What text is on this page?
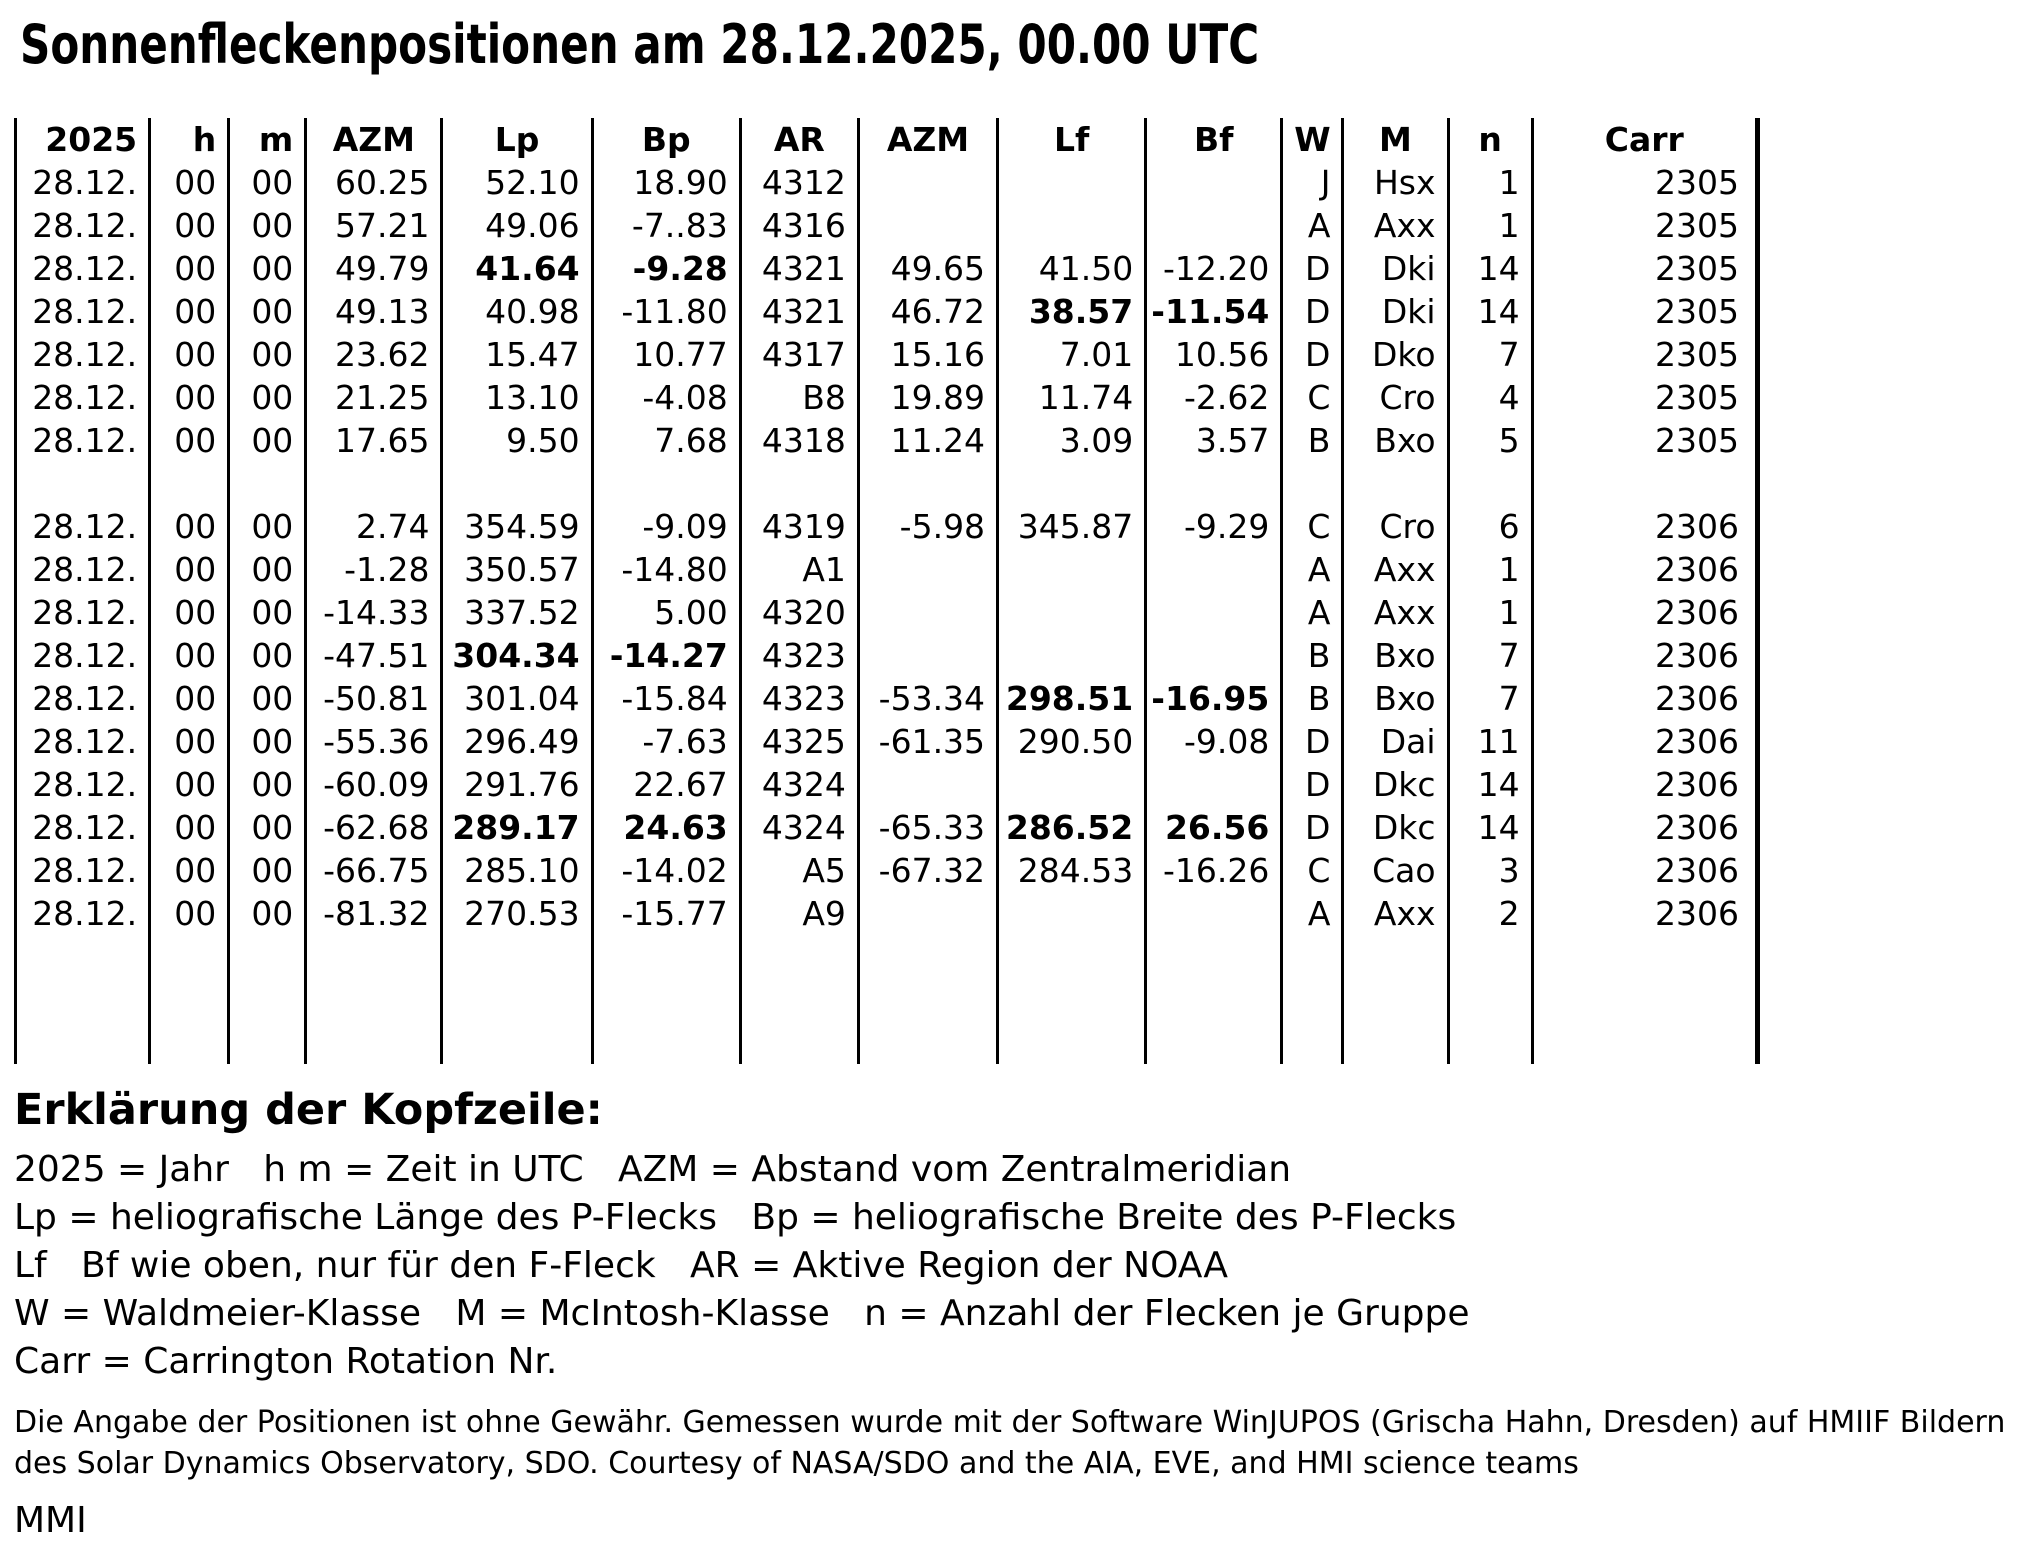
Sonnenfleckenpositionen am 28.12.2025, 00.00 UTC
2025	h	m	AZM	Lp	Bp	AR	AZM	Lf	Bf	W	M	n	Carr
28.12.	00	00	60.25	52.10	18.90	4312				J	Hsx	1	2305
28.12.	00	00	57.21	49.06	-7..83	4316				A	Axx	1	2305
28.12.	00	00	49.79	41.64	-9.28	4321	49.65	41.50	-12.20	D	Dki	14	2305
28.12.	00	00	49.13	40.98	-11.80	4321	46.72	38.57	-11.54	D	Dki	14	2305
28.12.	00	00	23.62	15.47	10.77	4317	15.16	7.01	10.56	D	Dko	7	2305
28.12.	00	00	21.25	13.10	-4.08	B8	19.89	11.74	-2.62	C	Cro	4	2305
28.12.	00	00	17.65	9.50	7.68	4318	11.24	3.09	3.57	B	Bxo	5	2305

28.12.	00	00	2.74	354.59	-9.09	4319	-5.98	345.87	-9.29	C	Cro	6	2306
28.12.	00	00	-1.28	350.57	-14.80	A1				A	Axx	1	2306
28.12.	00	00	-14.33	337.52	5.00	4320				A	Axx	1	2306
28.12.	00	00	-47.51	304.34	-14.27	4323				B	Bxo	7	2306
28.12.	00	00	-50.81	301.04	-15.84	4323	-53.34	298.51	-16.95	B	Bxo	7	2306
28.12.	00	00	-55.36	296.49	-7.63	4325	-61.35	290.50	-9.08	D	Dai	11	2306
28.12.	00	00	-60.09	291.76	22.67	4324				D	Dkc	14	2306
28.12.	00	00	-62.68	289.17	24.63	4324	-65.33	286.52	26.56	D	Dkc	14	2306
28.12.	00	00	-66.75	285.10	-14.02	A5	-67.32	284.53	-16.26	C	Cao	3	2306
28.12.	00	00	-81.32	270.53	-15.77	A9				A	Axx	2	2306

Erklärung der Kopfzeile:
2025 = Jahr   h m = Zeit in UTC   AZM = Abstand vom Zentralmeridian
Lp = heliografische Länge des P-Flecks   Bp = heliografische Breite des P-Flecks
Lf   Bf wie oben, nur für den F-Fleck   AR = Aktive Region der NOAA
W = Waldmeier-Klasse   M = McIntosh-Klasse   n = Anzahl der Flecken je Gruppe
Carr = Carrington Rotation Nr.
Die Angabe der Positionen ist ohne Gewähr. Gemessen wurde mit der Software WinJUPOS (Grischa Hahn, Dresden) auf HMIIF Bildern
des Solar Dynamics Observatory, SDO. Courtesy of NASA/SDO and the AIA, EVE, and HMI science teams
MMI
